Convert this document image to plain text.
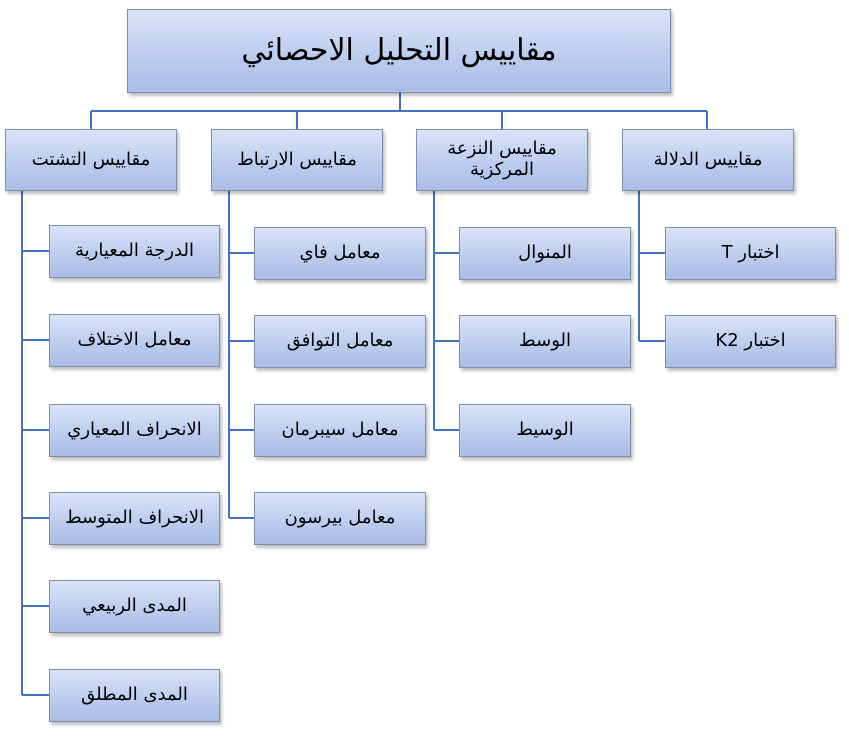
مقاييس التحليل الاحصائي
مقاييس التشتت	مقاييس الارتباط	مقاييس النزعة المركزية	مقاييس الدلالة
الدرجة المعيارية
معامل الاختلاف
الانحراف المعياري
الانحراف المتوسط
المدى الربيعي
المدى المطلق
معامل فاي
معامل التوافق
معامل سيبرمان
معامل بيرسون
المنوال
الوسط
الوسيط
اختبار T
اختبار K2
